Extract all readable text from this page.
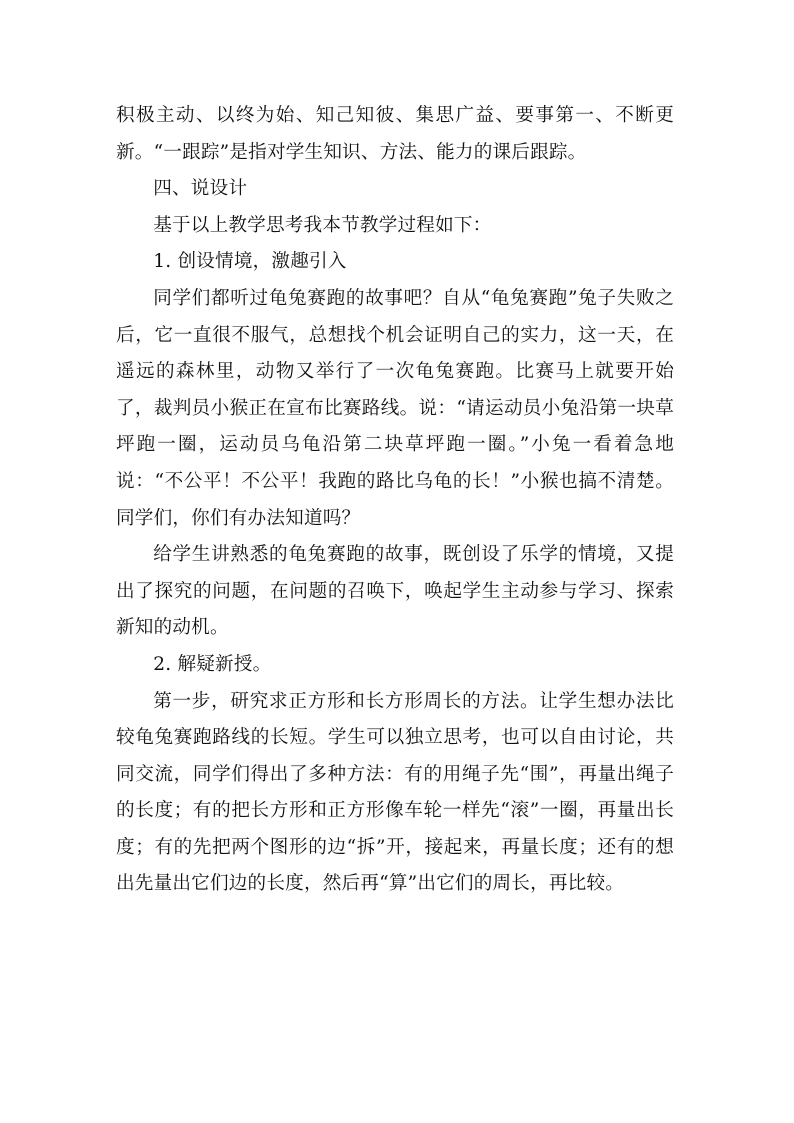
积极主动、以终为始、知己知彼、集思广益、要事第一、不断更新。“一跟踪”是指对学生知识、方法、能力的课后跟踪。

四、说设计

基于以上教学思考我本节教学过程如下：

1. 创设情境，激趣引入

同学们都听过龟兔赛跑的故事吧？自从“龟兔赛跑”兔子失败之后，它一直很不服气，总想找个机会证明自己的实力，这一天，在遥远的森林里，动物又举行了一次龟兔赛跑。比赛马上就要开始了，裁判员小猴正在宣布比赛路线。说：“请运动员小兔沿第一块草坪跑一圈，运动员乌龟沿第二块草坪跑一圈。”小兔一看着急地说：“不公平！不公平！我跑的路比乌龟的长！”小猴也搞不清楚。同学们，你们有办法知道吗？

给学生讲熟悉的龟兔赛跑的故事，既创设了乐学的情境，又提出了探究的问题，在问题的召唤下，唤起学生主动参与学习、探索新知的动机。

2. 解疑新授。

第一步，研究求正方形和长方形周长的方法。让学生想办法比较龟兔赛跑路线的长短。学生可以独立思考，也可以自由讨论，共同交流，同学们得出了多种方法：有的用绳子先“围”，再量出绳子的长度；有的把长方形和正方形像车轮一样先“滚”一圈，再量出长度；有的先把两个图形的边“拆”开，接起来，再量长度；还有的想出先量出它们边的长度，然后再“算”出它们的周长，再比较。
